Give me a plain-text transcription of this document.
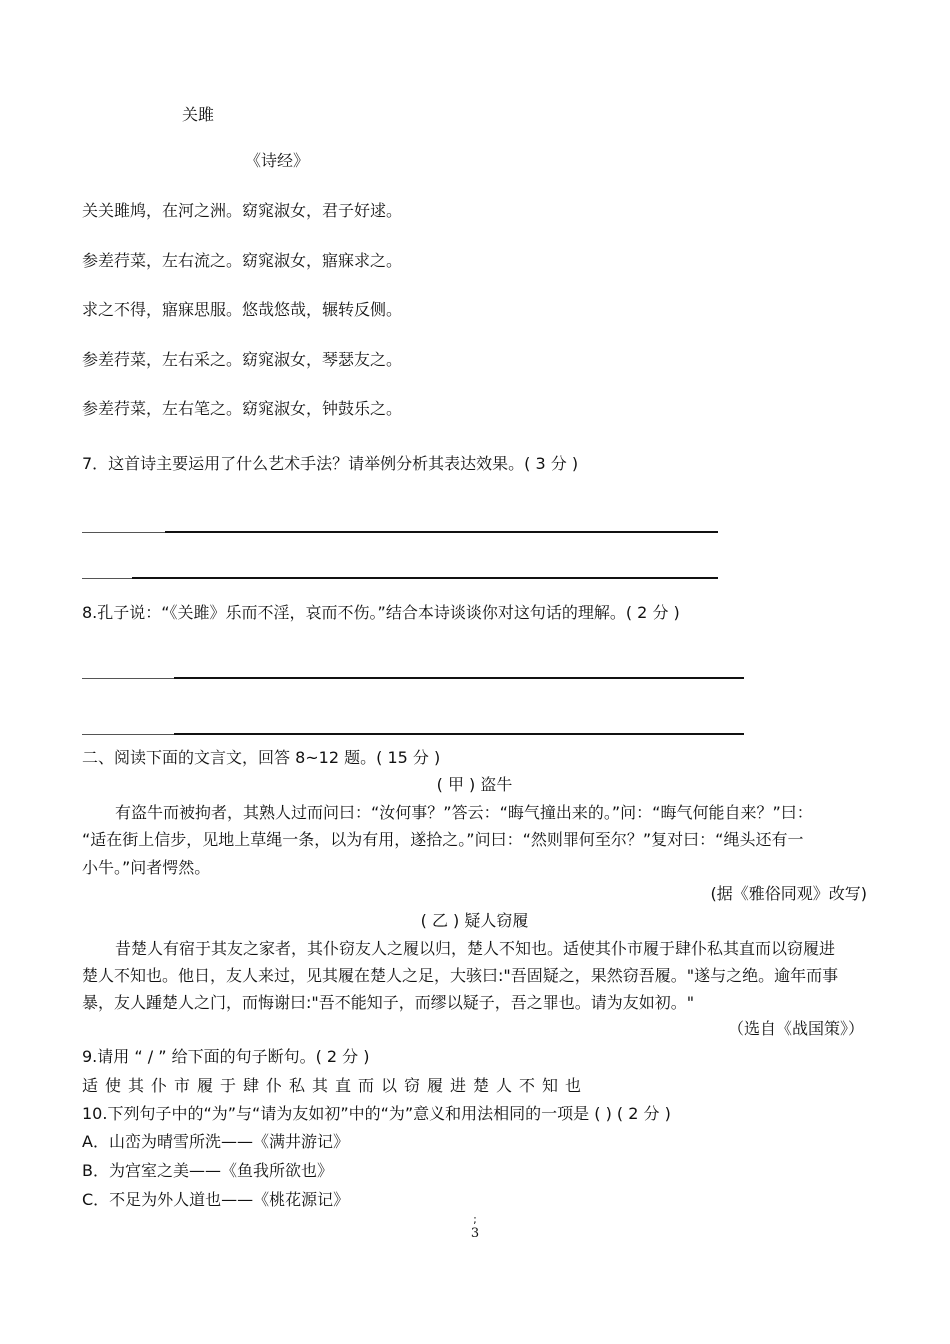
关雎
《诗经》
关关雎鸠，在河之洲。窈窕淑女，君子好逑。
参差荇菜，左右流之。窈窕淑女，寤寐求之。
求之不得，寤寐思服。悠哉悠哉，辗转反侧。
参差荇菜，左右采之。窈窕淑女，琴瑟友之。
参差荇菜，左右笔之。窈窕淑女，钟鼓乐之。
7．这首诗主要运用了什么艺术手法？请举例分析其表达效果。( 3 分 )
8.孔子说：“《关雎》乐而不淫，哀而不伤。”结合本诗谈谈你对这句话的理解。( 2 分 )
二、阅读下面的文言文，回答 8~12 题。( 15 分 )
( 甲 ) 盗牛
有盗牛而被拘者，其熟人过而问曰：“汝何事？”答云：“晦气撞出来的。”问：“晦气何能自来？”曰：
“适在街上信步，见地上草绳一条，以为有用，遂拾之。”问曰：“然则罪何至尔？”复对曰：“绳头还有一
小牛。”问者愕然。
(据《雅俗同观》改写)
( 乙 ) 疑人窃履
昔楚人有宿于其友之家者，其仆窃友人之履以归，楚人不知也。适使其仆市履于肆仆私其直而以窃履进
楚人不知也。他日，友人来过，见其履在楚人之足，大骇曰:"吾固疑之，果然窃吾履。"遂与之绝。逾年而事
暴，友人踵楚人之门，而悔谢曰:"吾不能知子，而缪以疑子，吾之罪也。请为友如初。"
（选自《战国策》）
9.请用 “ / ” 给下面的句子断句。( 2 分 )
适使其仆市履于肆仆私其直而以窃履进楚人不知也
10.下列句子中的“为”与“请为友如初”中的“为”意义和用法相同的一项是 ( ) ( 2 分 )
A．山峦为晴雪所洗——《满井游记》
B．为宫室之美——《鱼我所欲也》
C．不足为外人道也——《桃花源记》
;
3
